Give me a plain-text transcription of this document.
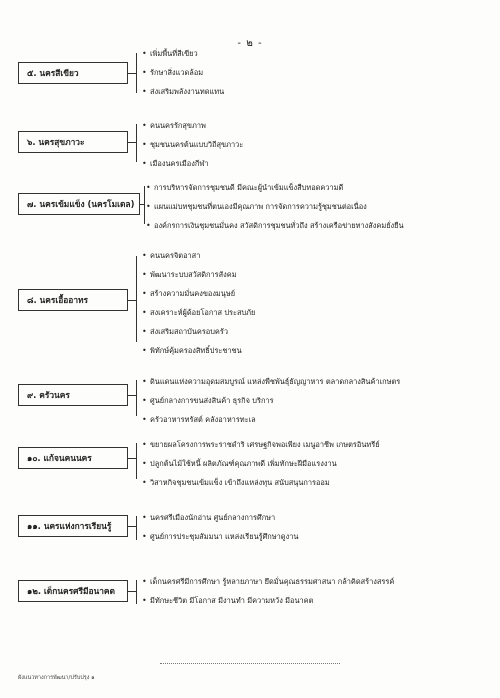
- ๒ -
๕. นครสีเขียว
• เพิ่มพื้นที่สีเขียว
• รักษาสิ่งแวดล้อม
• ส่งเสริมพลังงานทดแทน
๖. นครสุขภาวะ
• คนนครรักสุขภาพ
• ชุมชนนครต้นแบบวิถีสุขภาวะ
• เมืองนครเมืองกีฬา
๗. นครเข้มแข็ง (นครโมเดล)
• การบริหารจัดการชุมชนดี มีคณะผู้นำเข้มแข็งสืบทอดความดี
• แผนแม่บทชุมชนที่ตนเองมีคุณภาพ การจัดการความรู้ชุมชนต่อเนื่อง
• องค์กรการเงินชุมชนมั่นคง สวัสดิการชุมชนทั่วถึง สร้างเครือข่ายทางสังคมยั่งยืน
๘. นครเอื้ออาทร
• คนนครจิตอาสา
• พัฒนาระบบสวัสดิการสังคม
• สร้างความมั่นคงของมนุษย์
• สงเคราะห์ผู้ด้อยโอกาส ประสบภัย
• ส่งเสริมสถาบันครอบครัว
• พิทักษ์คุ้มครองสิทธิ์ประชาชน
๙. ครัวนคร
• ดินแดนแห่งความอุดมสมบูรณ์ แหล่งพืชพันธุ์ธัญญาหาร ตลาดกลางสินค้าเกษตร
• ศูนย์กลางการขนส่งสินค้า ธุรกิจ บริการ
• ครัวอาหารทรัสต์ คลังอาหารทะเล
๑๐. แก้จนคนนคร
• ขยายผลโครงการพระราชดำริ เศรษฐกิจพอเพียง เมนูอาชีพ เกษตรอินทรีย์
• ปลูกต้นไม้ใช้หนี้ ผลิตภัณฑ์คุณภาพดี เพิ่มทักษะฝีมือแรงงาน
• วิสาหกิจชุมชนเข้มแข็ง เข้าถึงแหล่งทุน สนับสนุนการออม
๑๑. นครแห่งการเรียนรู้
• นครศรีเมืองนักอ่าน ศูนย์กลางการศึกษา
• ศูนย์การประชุมสัมมนา แหล่งเรียนรู้ศึกษาดูงาน
๑๒. เด็กนครศรีมีอนาคต
• เด็กนครศรีมีการศึกษา รู้หลายภาษา ยึดมั่นคุณธรรมศาสนา กล้าคิดสร้างสรรค์
• มีทักษะชีวิต มีโอกาส มีงานทำ มีความหวัง มีอนาคต
ผังแนวทางการพัฒนา/ปรับปรุง ๑
